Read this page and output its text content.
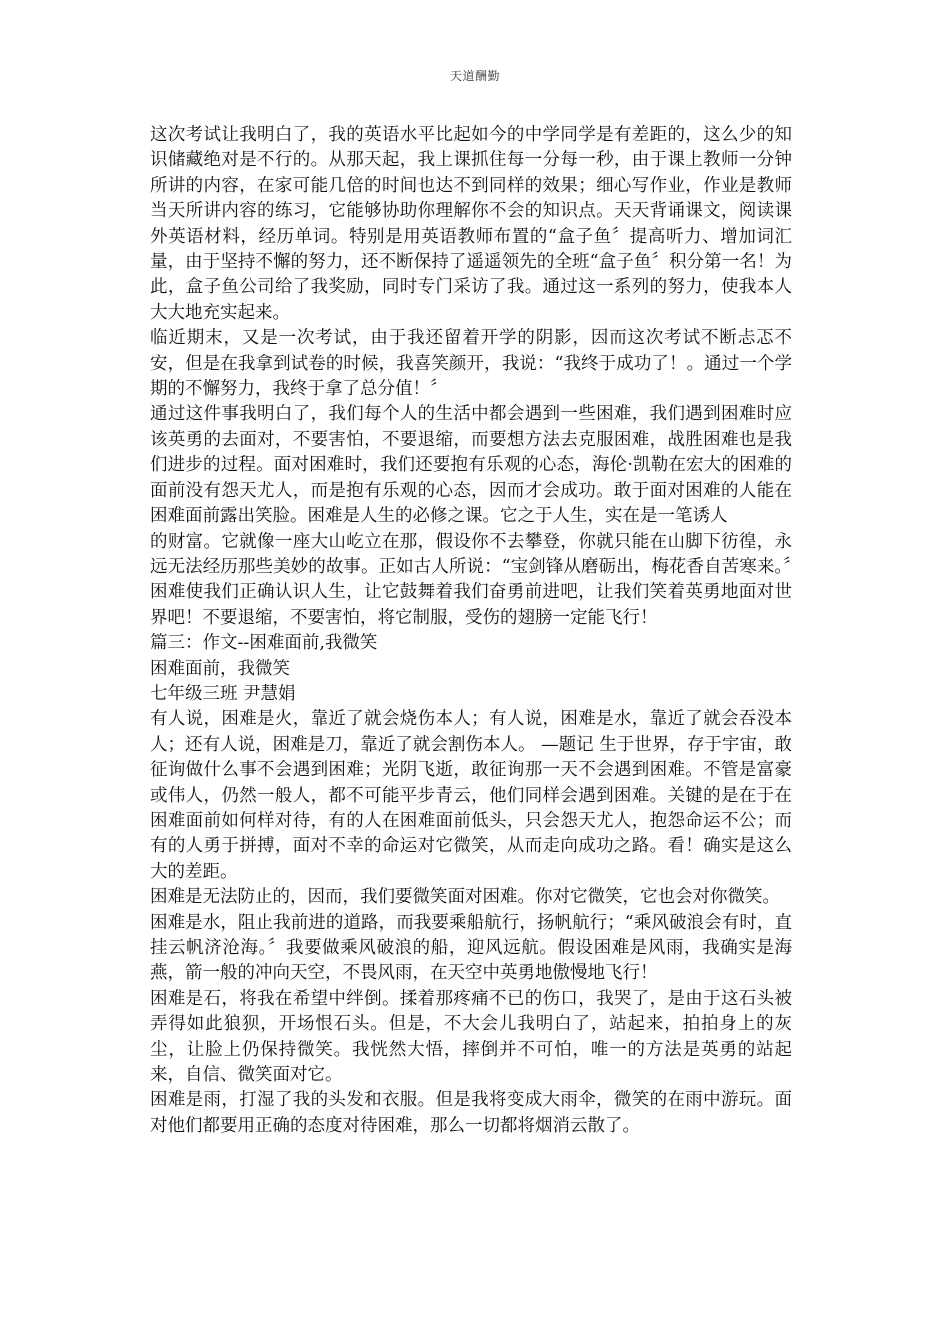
天道酬勤

这次考试让我明白了，我的英语水平比起如今的中学同学是有差距的，这么少的知识储藏绝对是不行的。从那天起，我上课抓住每一分每一秒，由于课上教师一分钟所讲的内容，在家可能几倍的时间也达不到同样的效果；细心写作业，作业是教师当天所讲内容的练习，它能够协助你理解你不会的知识点。天天背诵课文，阅读课外英语材料，经历单词。特别是用英语教师布置的“盒子鱼〞提高听力、增加词汇量，由于坚持不懈的努力，还不断保持了遥遥领先的全班“盒子鱼〞积分第一名！为此，盒子鱼公司给了我奖励，同时专门采访了我。通过这一系列的努力，使我本人大大地充实起来。

临近期末，又是一次考试，由于我还留着开学的阴影，因而这次考试不断忐忑不安，但是在我拿到试卷的时候，我喜笑颜开，我说：“我终于成功了！。通过一个学期的不懈努力，我终于拿了总分值！〞

通过这件事我明白了，我们每个人的生活中都会遇到一些困难，我们遇到困难时应该英勇的去面对，不要害怕，不要退缩，而要想方法去克服困难，战胜困难也是我们进步的过程。面对困难时，我们还要抱有乐观的心态，海伦·凯勒在宏大的困难的面前没有怨天尤人，而是抱有乐观的心态，因而才会成功。敢于面对困难的人能在困难面前露出笑脸。困难是人生的必修之课。它之于人生，实在是一笔诱人

的财富。它就像一座大山屹立在那，假设你不去攀登，你就只能在山脚下彷徨，永远无法经历那些美妙的故事。正如古人所说：“宝剑锋从磨砺出，梅花香自苦寒来。〞困难使我们正确认识人生，让它鼓舞着我们奋勇前进吧，让我们笑着英勇地面对世界吧！不要退缩，不要害怕，将它制服，受伤的翅膀一定能飞行！

篇三：作文--困难面前,我微笑

困难面前，我微笑

七年级三班 尹慧娟

有人说，困难是火，靠近了就会烧伤本人；有人说，困难是水，靠近了就会吞没本人；还有人说，困难是刀，靠近了就会割伤本人。 —题记 生于世界，存于宇宙，敢征询做什么事不会遇到困难；光阴飞逝，敢征询那一天不会遇到困难。不管是富豪或伟人，仍然一般人，都不可能平步青云，他们同样会遇到困难。关键的是在于在困难面前如何样对待，有的人在困难面前低头，只会怨天尤人，抱怨命运不公；而有的人勇于拼搏，面对不幸的命运对它微笑，从而走向成功之路。看！确实是这么大的差距。

困难是无法防止的，因而，我们要微笑面对困难。你对它微笑，它也会对你微笑。

困难是水，阻止我前进的道路，而我要乘船航行，扬帆航行；“乘风破浪会有时，直挂云帆济沧海。〞我要做乘风破浪的船，迎风远航。假设困难是风雨，我确实是海燕，箭一般的冲向天空，不畏风雨，在天空中英勇地傲慢地飞行！

困难是石，将我在希望中绊倒。揉着那疼痛不已的伤口，我哭了，是由于这石头被弄得如此狼狈，开场恨石头。但是，不大会儿我明白了，站起来，拍拍身上的灰尘，让脸上仍保持微笑。我恍然大悟，摔倒并不可怕，唯一的方法是英勇的站起来，自信、微笑面对它。

困难是雨，打湿了我的头发和衣服。但是我将变成大雨伞，微笑的在雨中游玩。面对他们都要用正确的态度对待困难，那么一切都将烟消云散了。
